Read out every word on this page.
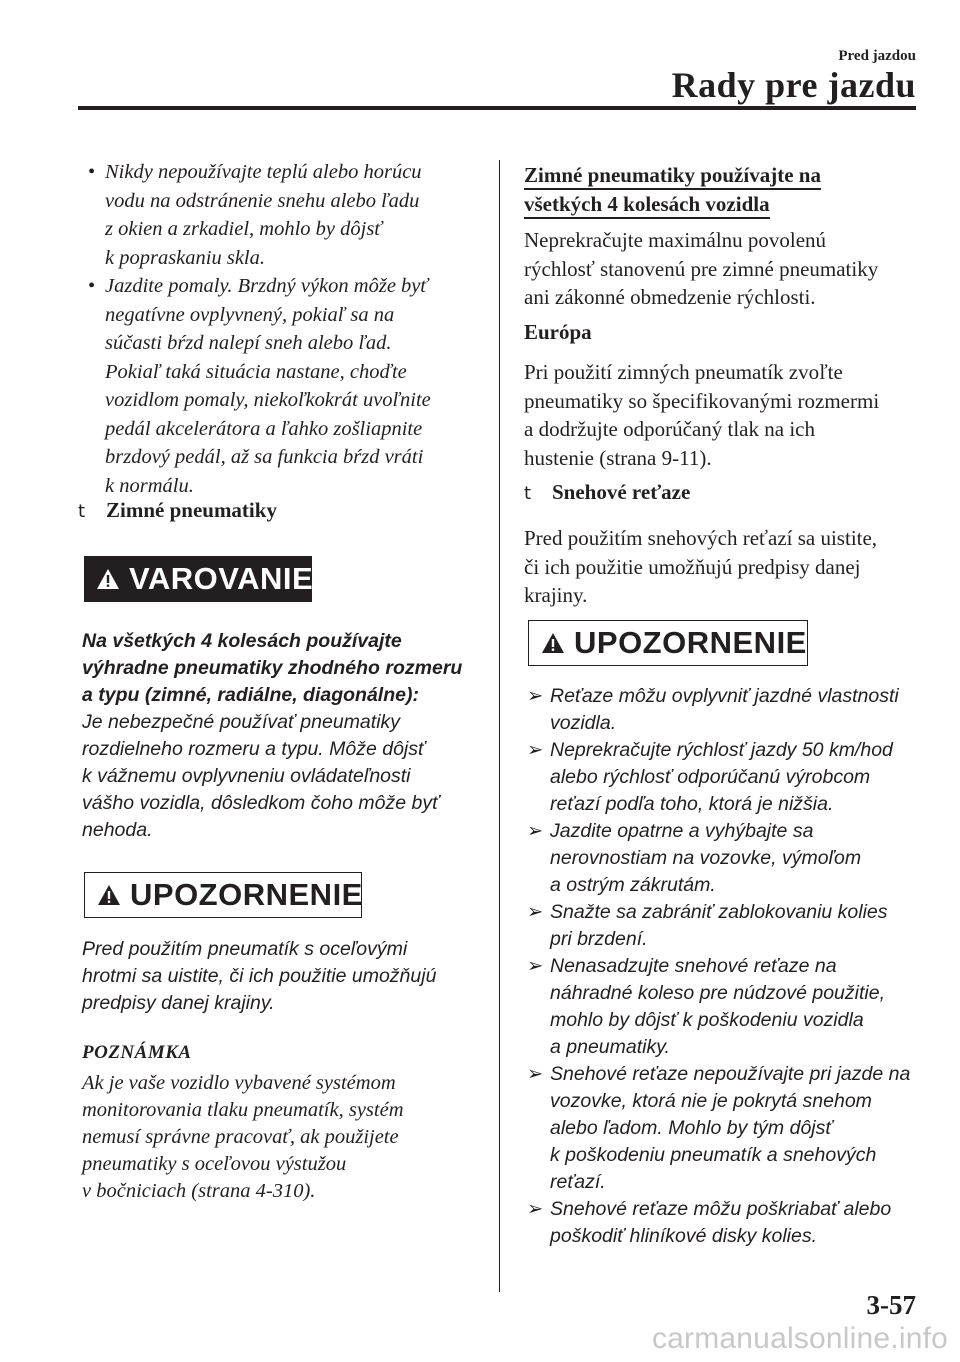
Pred jazdou
Rady pre jazdu
• Nikdy nepoužívajte teplú alebo horúcu
vodu na odstránenie snehu alebo ľadu
z okien a zrkadiel, mohlo by dôjsť
k popraskaniu skla.
• Jazdite pomaly. Brzdný výkon môže byť
negatívne ovplyvnený, pokiaľ sa na
súčasti bŕzd nalepí sneh alebo ľad.
Pokiaľ taká situácia nastane, choďte
vozidlom pomaly, niekoľkokrát uvoľnite
pedál akcelerátora a ľahko zošliapnite
brzdový pedál, až sa funkcia bŕzd vráti
k normálu.
t Zimné pneumatiky
VAROVANIE
Na všetkých 4 kolesách používajte
výhradne pneumatiky zhodného rozmeru
a typu (zimné, radiálne, diagonálne):
Je nebezpečné používať pneumatiky
rozdielneho rozmeru a typu. Môže dôjsť
k vážnemu ovplyvneniu ovládateľnosti
vášho vozidla, dôsledkom čoho môže byť
nehoda.
UPOZORNENIE
Pred použitím pneumatík s oceľovými
hrotmi sa uistite, či ich použitie umožňujú
predpisy danej krajiny.
POZNÁMKA
Ak je vaše vozidlo vybavené systémom
monitorovania tlaku pneumatík, systém
nemusí správne pracovať, ak použijete
pneumatiky s oceľovou výstužou
v bočniciach (strana 4-310).
Zimné pneumatiky používajte na
všetkých 4 kolesách vozidla
Neprekračujte maximálnu povolenú
rýchlosť stanovenú pre zimné pneumatiky
ani zákonné obmedzenie rýchlosti.
Európa
Pri použití zimných pneumatík zvoľte
pneumatiky so špecifikovanými rozmermi
a dodržujte odporúčaný tlak na ich
hustenie (strana 9-11).
t Snehové reťaze
Pred použitím snehových reťazí sa uistite,
či ich použitie umožňujú predpisy danej
krajiny.
UPOZORNENIE
➢ Reťaze môžu ovplyvniť jazdné vlastnosti
vozidla.
➢ Neprekračujte rýchlosť jazdy 50 km/hod
alebo rýchlosť odporúčanú výrobcom
reťazí podľa toho, ktorá je nižšia.
➢ Jazdite opatrne a vyhýbajte sa
nerovnostiam na vozovke, výmoľom
a ostrým zákrutám.
➢ Snažte sa zabrániť zablokovaniu kolies
pri brzdení.
➢ Nenasadzujte snehové reťaze na
náhradné koleso pre núdzové použitie,
mohlo by dôjsť k poškodeniu vozidla
a pneumatiky.
➢ Snehové reťaze nepoužívajte pri jazde na
vozovke, ktorá nie je pokrytá snehom
alebo ľadom. Mohlo by tým dôjsť
k poškodeniu pneumatík a snehových
reťazí.
➢ Snehové reťaze môžu poškriabať alebo
poškodiť hliníkové disky kolies.
3-57
carmanualsonline.info
